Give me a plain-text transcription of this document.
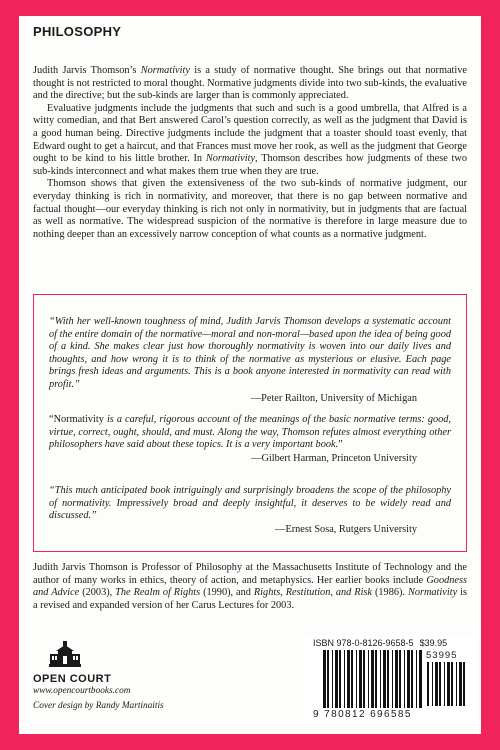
PHILOSOPHY

Judith Jarvis Thomson’s Normativity is a study of normative thought. She brings out that normative thought is not restricted to moral thought. Normative judgments divide into two sub-kinds, the evaluative and the directive; but the sub-kinds are larger than is commonly appreciated.

Evaluative judgments include the judgments that such and such is a good umbrella, that Alfred is a witty comedian, and that Bert answered Carol’s question correctly, as well as the judgment that David is a good human being. Directive judgments include the judgment that a toaster should toast evenly, that Edward ought to get a haircut, and that Frances must move her rook, as well as the judgment that George ought to be kind to his little brother. In Normativity, Thomson describes how judgments of these two sub-kinds interconnect and what makes them true when they are true.

Thomson shows that given the extensiveness of the two sub-kinds of normative judgment, our everyday thinking is rich in normativity, and moreover, that there is no gap between normative and factual thought—our everyday thinking is rich not only in normativity, but in judgments that are factual as well as normative. The widespread suspicion of the normative is therefore in large measure due to nothing deeper than an excessively narrow conception of what counts as a normative judgment.

“With her well-known toughness of mind, Judith Jarvis Thomson develops a systematic account of the entire domain of the normative—moral and non-moral—based upon the idea of being good of a kind. She makes clear just how thoroughly normativity is woven into our daily lives and thoughts, and how wrong it is to think of the normative as mysterious or elusive. Each page brings fresh ideas and arguments. This is a book anyone interested in normativity can read with profit.”
—Peter Railton, University of Michigan
“Normativity is a careful, rigorous account of the meanings of the basic normative terms: good, virtue, correct, ought, should, and must. Along the way, Thomson refutes almost everything other philosophers have said about these topics. It is a very important book.”
—Gilbert Harman, Princeton University
“This much anticipated book intriguingly and surprisingly broadens the scope of the philosophy of normativity. Impressively broad and deeply insightful, it deserves to be widely read and discussed.”
—Ernest Sosa, Rutgers University
Judith Jarvis Thomson is Professor of Philosophy at the Massachusetts Institute of Technology and the author of many works in ethics, theory of action, and metaphysics. Her earlier books include Goodness and Advice (2003), The Realm of Rights (1990), and Rights, Restitution, and Risk (1986). Normativity is a revised and expanded version of her Carus Lectures for 2003.
OPEN COURT
www.opencourtbooks.com
Cover design by Randy Martinaitis
ISBN 978-0-8126-9658-5 $39.95
53995
9 780812 696585
